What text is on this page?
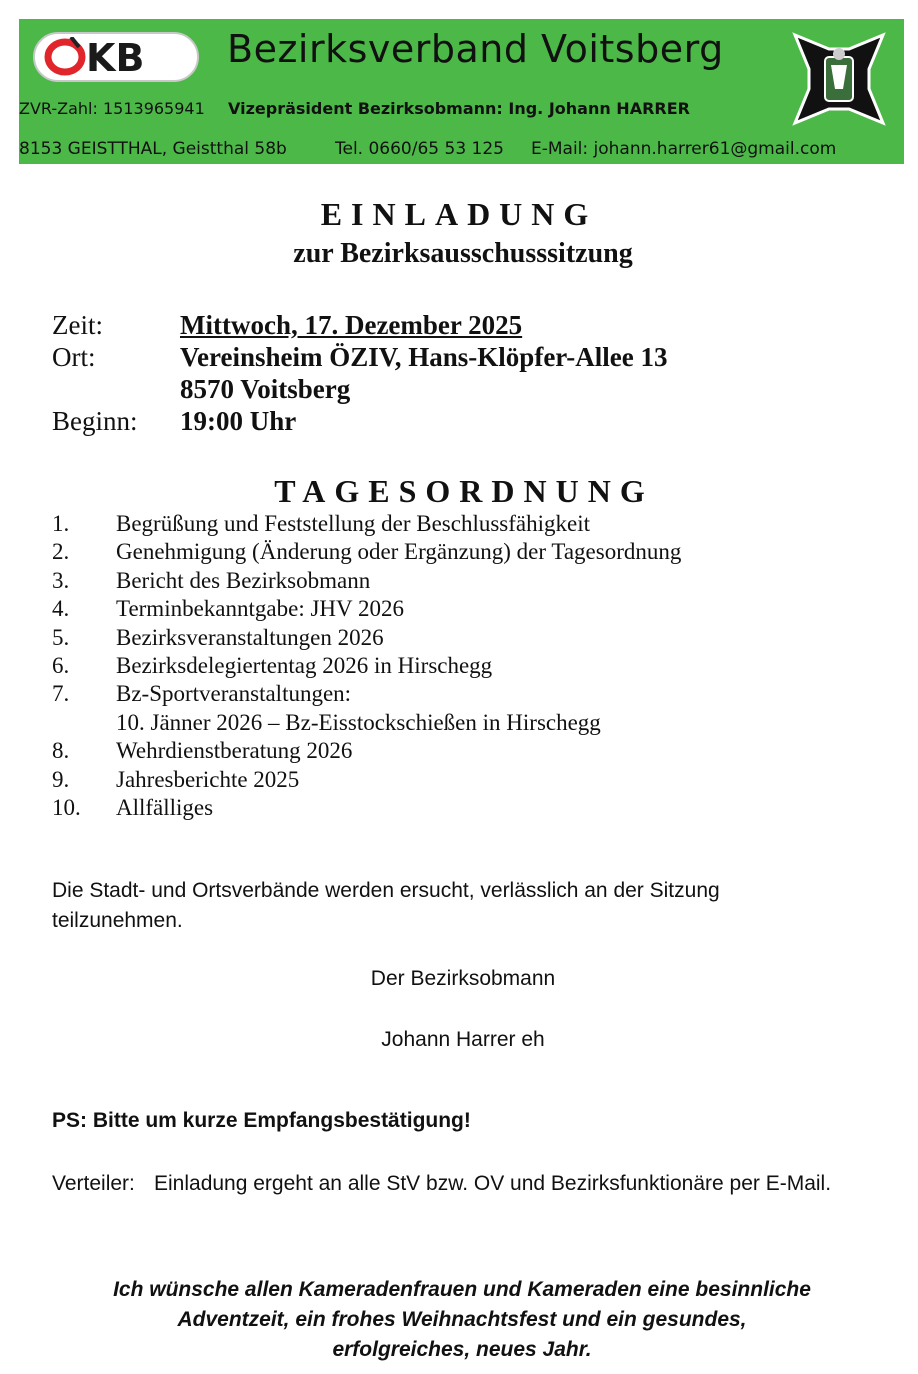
KB Bezirksverband Voitsberg
ZVR-Zahl: 1513965941 Vizepräsident Bezirksobmann: Ing. Johann HARRER
8153 GEISTTHAL, Geistthal 58b	Tel. 0660/65 53 125 E-Mail: johann.harrer61@gmail.com
EINLADUNG
zur Bezirksausschusssitzung
Zeit:	Mittwoch, 17. Dezember 2025
Ort:	Vereinsheim ÖZIV, Hans-Klöpfer-Allee 13
8570 Voitsberg
Beginn: 19:00 Uhr
TAGESORDNUNG
1. Begrüßung und Feststellung der Beschlussfähigkeit
2. Genehmigung (Änderung oder Ergänzung) der Tagesordnung
3. Bericht des Bezirksobmann
4. Terminbekanntgabe: JHV 2026
5. Bezirksveranstaltungen 2026
6. Bezirksdelegiertentag 2026 in Hirschegg
7. Bz-Sportveranstaltungen:
10. Jänner 2026 – Bz-Eisstockschießen in Hirschegg
8. Wehrdienstberatung 2026
9. Jahresberichte 2025
10. Allfälliges
Die Stadt- und Ortsverbände werden ersucht, verlässlich an der Sitzung teilzunehmen.
Der Bezirksobmann
Johann Harrer eh
PS: Bitte um kurze Empfangsbestätigung!
Verteiler: Einladung ergeht an alle StV bzw. OV und Bezirksfunktionäre per E-Mail.
Ich wünsche allen Kameradenfrauen und Kameraden eine besinnliche
Adventzeit, ein frohes Weihnachtsfest und ein gesundes,
erfolgreiches, neues Jahr.
